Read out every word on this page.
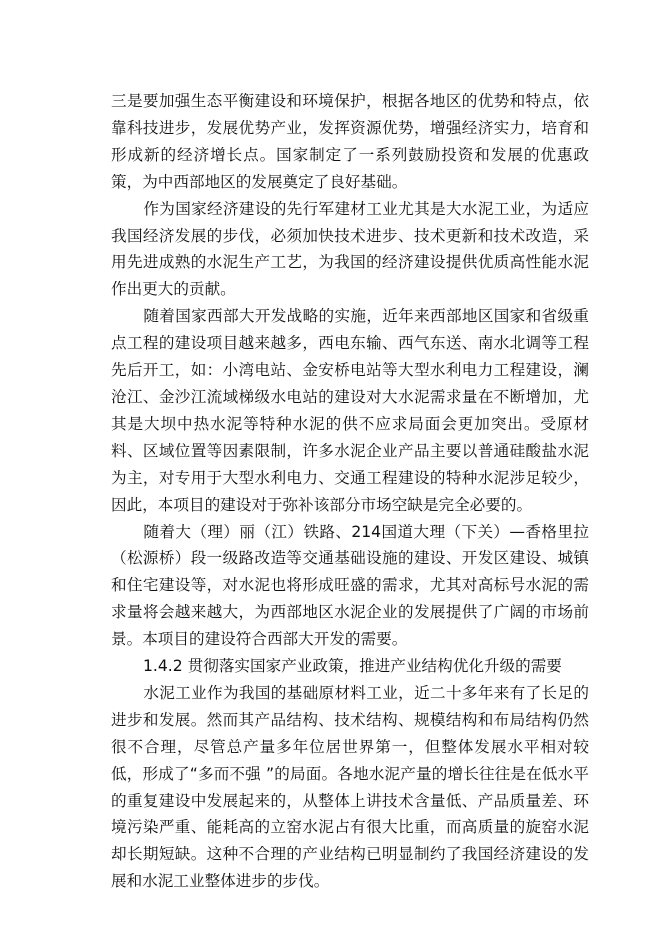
三是要加强生态平衡建设和环境保护，根据各地区的优势和特点，依靠科技进步，发展优势产业，发挥资源优势，增强经济实力，培育和形成新的经济增长点。国家制定了一系列鼓励投资和发展的优惠政策，为中西部地区的发展奠定了良好基础。

作为国家经济建设的先行军建材工业尤其是大水泥工业，为适应我国经济发展的步伐，必须加快技术进步、技术更新和技术改造，采用先进成熟的水泥生产工艺，为我国的经济建设提供优质高性能水泥作出更大的贡献。

随着国家西部大开发战略的实施，近年来西部地区国家和省级重点工程的建设项目越来越多，西电东输、西气东送、南水北调等工程先后开工，如：小湾电站、金安桥电站等大型水利电力工程建设，澜沧江、金沙江流域梯级水电站的建设对大水泥需求量在不断增加，尤其是大坝中热水泥等特种水泥的供不应求局面会更加突出。受原材料、区域位置等因素限制，许多水泥企业产品主要以普通硅酸盐水泥为主，对专用于大型水利电力、交通工程建设的特种水泥涉足较少，因此，本项目的建设对于弥补该部分市场空缺是完全必要的。

随着大（理）丽（江）铁路、214国道大理（下关）—香格里拉（松源桥）段一级路改造等交通基础设施的建设、开发区建设、城镇和住宅建设等，对水泥也将形成旺盛的需求，尤其对高标号水泥的需求量将会越来越大，为西部地区水泥企业的发展提供了广阔的市场前景。本项目的建设符合西部大开发的需要。

1.4.2 贯彻落实国家产业政策，推进产业结构优化升级的需要

水泥工业作为我国的基础原材料工业，近二十多年来有了长足的进步和发展。然而其产品结构、技术结构、规模结构和布局结构仍然很不合理，尽管总产量多年位居世界第一，但整体发展水平相对较低，形成了“多而不强 ”的局面。各地水泥产量的增长往往是在低水平的重复建设中发展起来的，从整体上讲技术含量低、产品质量差、环境污染严重、能耗高的立窑水泥占有很大比重，而高质量的旋窑水泥却长期短缺。这种不合理的产业结构已明显制约了我国经济建设的发展和水泥工业整体进步的步伐。
